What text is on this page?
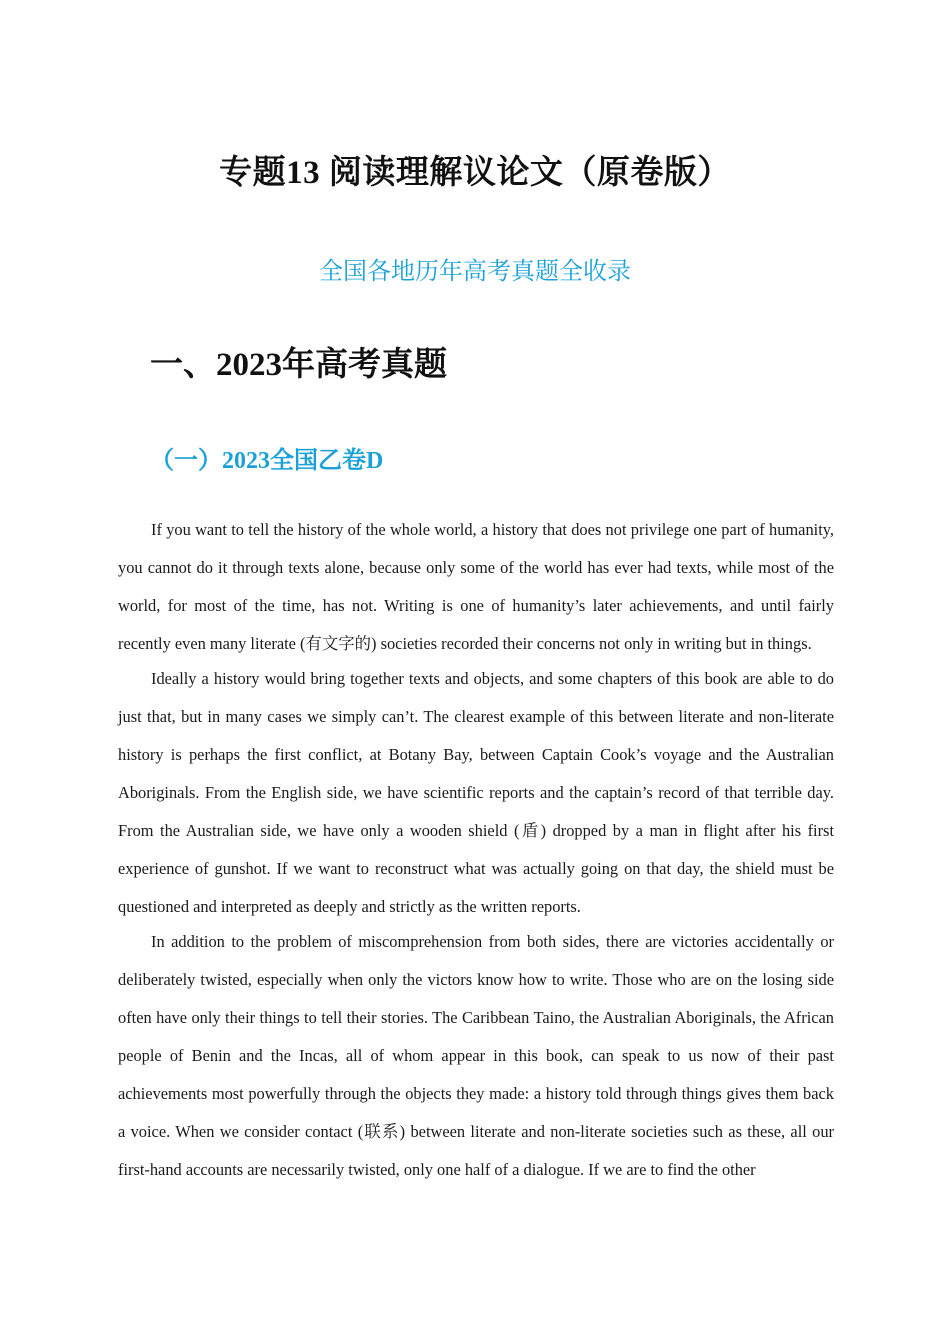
专题13 阅读理解议论文（原卷版）
全国各地历年高考真题全收录
一、2023年高考真题
（一）2023全国乙卷D

If you want to tell the history of the whole world, a history that does not privilege one part of humanity, you cannot do it through texts alone, because only some of the world has ever had texts, while most of the world, for most of the time, has not. Writing is one of humanity’s later achievements, and until fairly recently even many literate (有文字的) societies recorded their concerns not only in writing but in things.

Ideally a history would bring together texts and objects, and some chapters of this book are able to do just that, but in many cases we simply can’t. The clearest example of this between literate and non-literate history is perhaps the first conflict, at Botany Bay, between Captain Cook’s voyage and the Australian Aboriginals. From the English side, we have scientific reports and the captain’s record of that terrible day. From the Australian side, we have only a wooden shield (盾) dropped by a man in flight after his first experience of gunshot. If we want to reconstruct what was actually going on that day, the shield must be questioned and interpreted as deeply and strictly as the written reports.

In addition to the problem of miscomprehension from both sides, there are victories accidentally or deliberately twisted, especially when only the victors know how to write. Those who are on the losing side often have only their things to tell their stories. The Caribbean Taino, the Australian Aboriginals, the African people of Benin and the Incas, all of whom appear in this book, can speak to us now of their past achievements most powerfully through the objects they made: a history told through things gives them back a voice. When we consider contact (联系) between literate and non-literate societies such as these, all our first-hand accounts are necessarily twisted, only one half of a dialogue. If we are to find the other
